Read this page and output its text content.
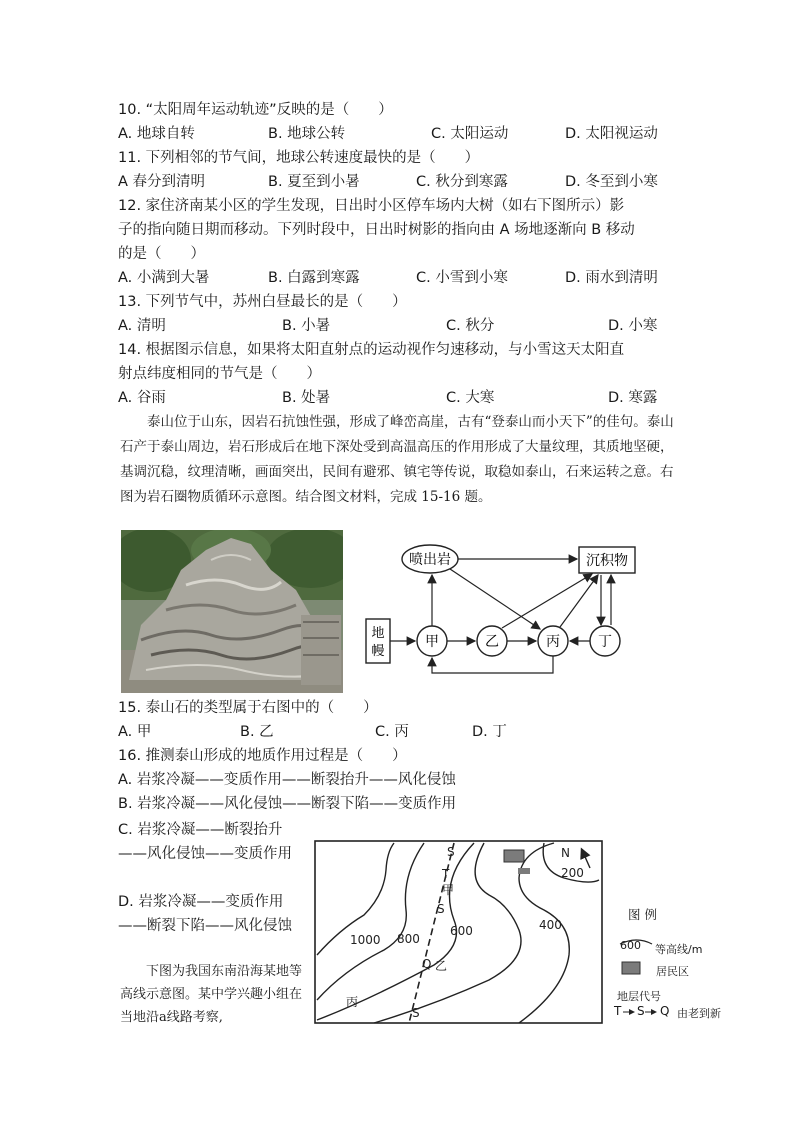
10. “太阳周年运动轨迹”反映的是（　　）
A. 地球自转	B. 地球公转	C. 太阳运动	D. 太阳视运动
11. 下列相邻的节气间，地球公转速度最快的是（　　）
A 春分到清明	B. 夏至到小暑	C. 秋分到寒露	D. 冬至到小寒
12. 家住济南某小区的学生发现，日出时小区停车场内大树（如右下图所示）影
子的指向随日期而移动。下列时段中，日出时树影的指向由 A 场地逐渐向 B 移动
的是（　　）
A. 小满到大暑	B. 白露到寒露	C. 小雪到小寒	D. 雨水到清明
13. 下列节气中，苏州白昼最长的是（　　）
A. 清明	B. 小暑	C. 秋分	D. 小寒
14. 根据图示信息，如果将太阳直射点的运动视作匀速移动，与小雪这天太阳直
射点纬度相同的节气是（　　）
A. 谷雨	B. 处暑	C. 大寒	D. 寒露
泰山位于山东，因岩石抗蚀性强，形成了峰峦高崖，古有“登泰山而小天下”的佳句。泰山石产于泰山周边，岩石形成后在地下深处受到高温高压的作用形成了大量纹理，其质地坚硬，基调沉稳，纹理清晰，画面突出，民间有避邪、镇宅等传说，取稳如泰山，石来运转之意。右图为岩石圈物质循环示意图。结合图文材料，完成 15-16 题。
喷出岩	沉积物
地
幔
甲	乙	丙	丁
15. 泰山石的类型属于右图中的（　　）
A. 甲	B. 乙	C. 丙	D. 丁
16. 推测泰山形成的地质作用过程是（　　）
A. 岩浆冷凝——变质作用——断裂抬升——风化侵蚀
B. 岩浆冷凝——风化侵蚀——断裂下陷——变质作用
C. 岩浆冷凝——断裂抬升——风化侵蚀——变质作用
D. 岩浆冷凝——变质作用——断裂下陷——风化侵蚀
下图为我国东南沿海某地等高线示意图。某中学兴趣小组在当地沿a线路考察,
S
T
甲
S
Q 乙
S
丙
1000 800
600	400
200
N
图 例
600 等高线/m
居民区
地层代号
T S Q 由老到新
